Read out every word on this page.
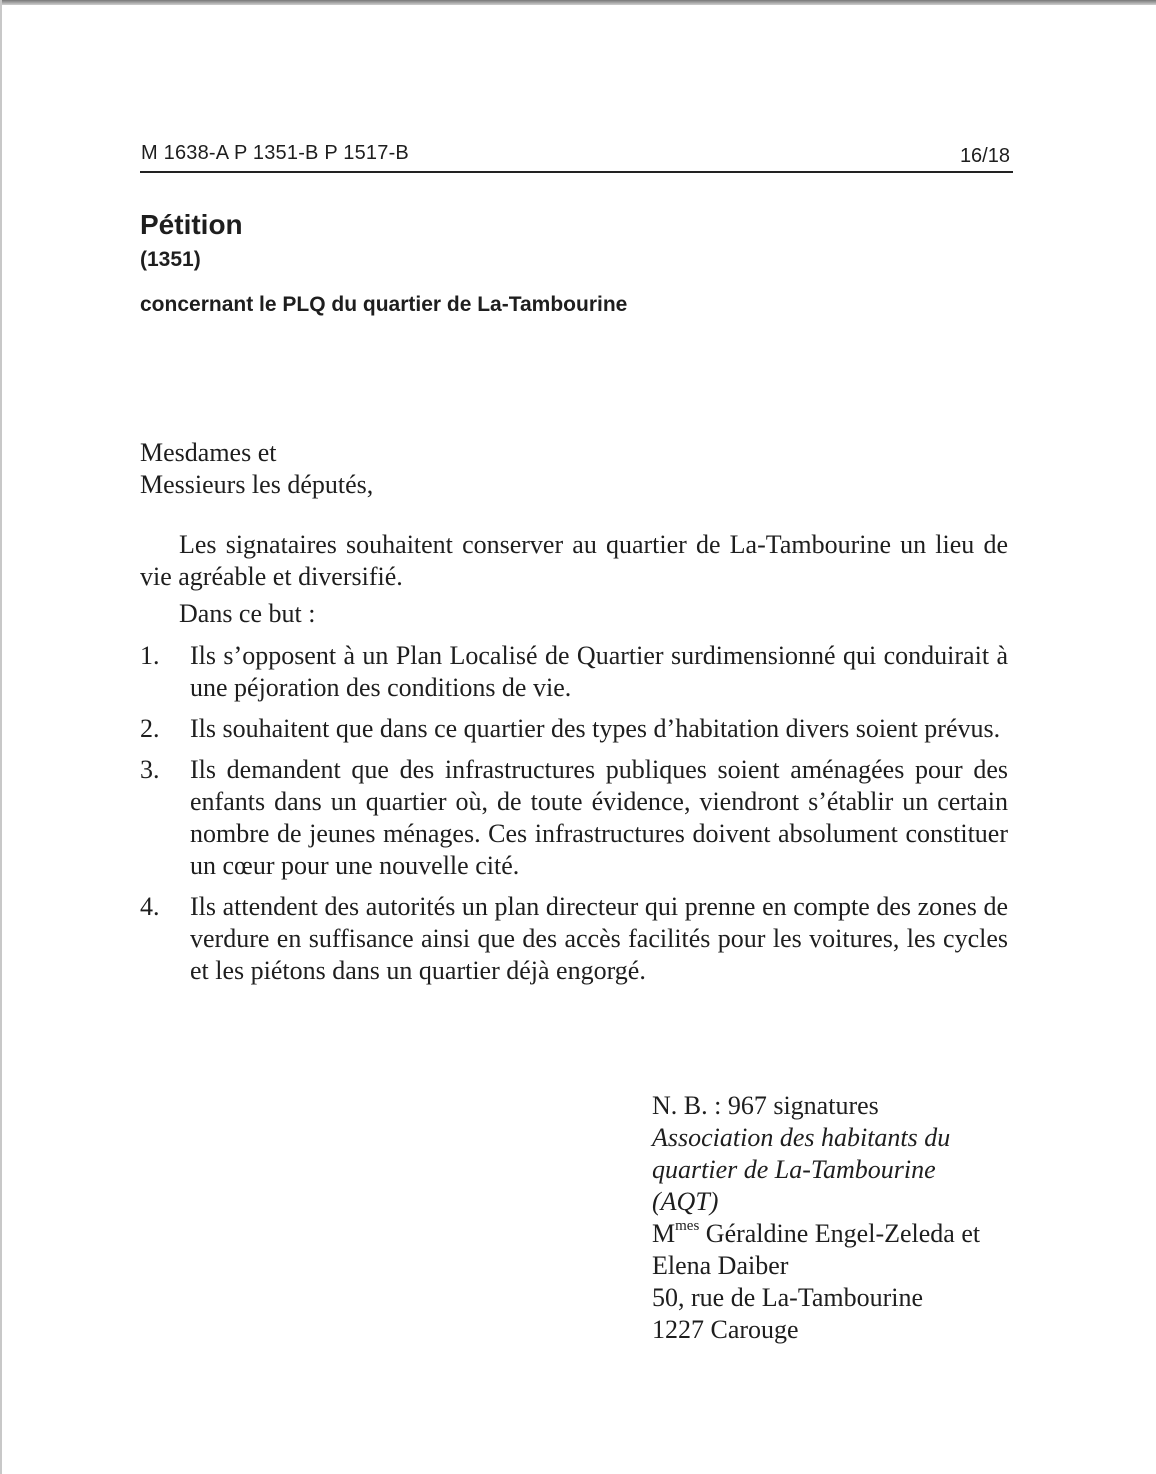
M 1638-A P 1351-B P 1517-B	16/18
Pétition
(1351)
concernant le PLQ du quartier de La-Tambourine
Mesdames et
Messieurs les députés,

Les signataires souhaitent conserver au quartier de La-Tambourine un lieu de vie agréable et diversifié.

Dans ce but :
1. Ils s’opposent à un Plan Localisé de Quartier surdimensionné qui conduirait à une péjoration des conditions de vie.
2. Ils souhaitent que dans ce quartier des types d’habitation divers soient prévus.
3. Ils demandent que des infrastructures publiques soient aménagées pour des enfants dans un quartier où, de toute évidence, viendront s’établir un certain nombre de jeunes ménages. Ces infrastructures doivent absolument constituer un cœur pour une nouvelle cité.
4. Ils attendent des autorités un plan directeur qui prenne en compte des zones de verdure en suffisance ainsi que des accès facilités pour les voitures, les cycles et les piétons dans un quartier déjà engorgé.
N. B. : 967 signatures
Association des habitants du
quartier de La-Tambourine
(AQT)
$M^{mes}$ Géraldine Engel-Zeleda et
Elena Daiber
50, rue de La-Tambourine
1227 Carouge
